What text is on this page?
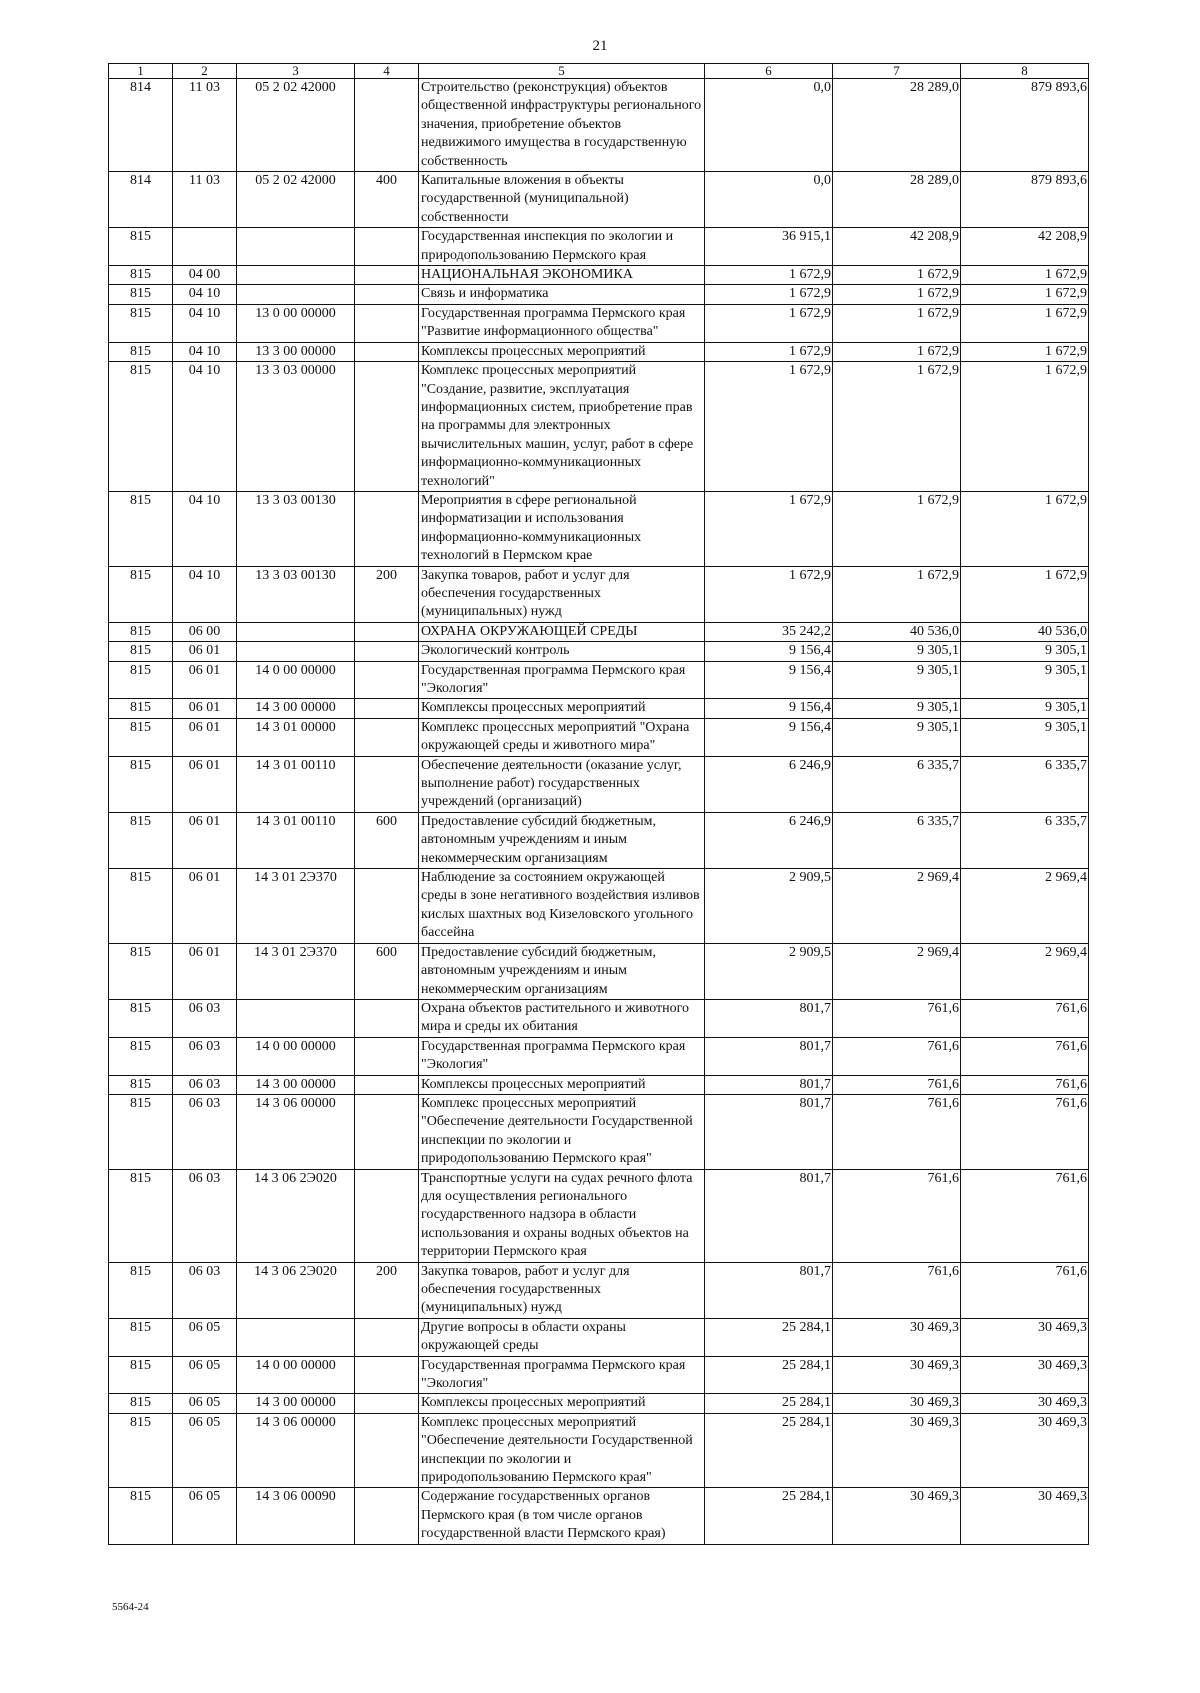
21
1	2	3	4	5	6	7	8
814	11 03	05 2 02 42000		Строительство (реконструкция) объектов общественной инфраструктуры регионального значения, приобретение объектов недвижимого имущества в государственную собственность	0,0	28 289,0	879 893,6
814	11 03	05 2 02 42000	400	Капитальные вложения в объекты государственной (муниципальной) собственности	0,0	28 289,0	879 893,6
815				Государственная инспекция по экологии и природопользованию Пермского края	36 915,1	42 208,9	42 208,9
815	04 00			НАЦИОНАЛЬНАЯ ЭКОНОМИКА	1 672,9	1 672,9	1 672,9
815	04 10			Связь и информатика	1 672,9	1 672,9	1 672,9
815	04 10	13 0 00 00000		Государственная программа Пермского края "Развитие информационного общества"	1 672,9	1 672,9	1 672,9
815	04 10	13 3 00 00000		Комплексы процессных мероприятий	1 672,9	1 672,9	1 672,9
815	04 10	13 3 03 00000		Комплекс процессных мероприятий "Создание, развитие, эксплуатация информационных систем, приобретение прав на программы для электронных вычислительных машин, услуг, работ в сфере информационно-коммуникационных технологий"	1 672,9	1 672,9	1 672,9
815	04 10	13 3 03 00130		Мероприятия в сфере региональной информатизации и использования информационно-коммуникационных технологий в Пермском крае	1 672,9	1 672,9	1 672,9
815	04 10	13 3 03 00130	200	Закупка товаров, работ и услуг для обеспечения государственных (муниципальных) нужд	1 672,9	1 672,9	1 672,9
815	06 00			ОХРАНА ОКРУЖАЮЩЕЙ СРЕДЫ	35 242,2	40 536,0	40 536,0
815	06 01			Экологический контроль	9 156,4	9 305,1	9 305,1
815	06 01	14 0 00 00000		Государственная программа Пермского края "Экология"	9 156,4	9 305,1	9 305,1
815	06 01	14 3 00 00000		Комплексы процессных мероприятий	9 156,4	9 305,1	9 305,1
815	06 01	14 3 01 00000		Комплекс процессных мероприятий "Охрана окружающей среды и животного мира"	9 156,4	9 305,1	9 305,1
815	06 01	14 3 01 00110		Обеспечение деятельности (оказание услуг, выполнение работ) государственных учреждений (организаций)	6 246,9	6 335,7	6 335,7
815	06 01	14 3 01 00110	600	Предоставление субсидий бюджетным, автономным учреждениям и иным некоммерческим организациям	6 246,9	6 335,7	6 335,7
815	06 01	14 3 01 2Э370		Наблюдение за состоянием окружающей среды в зоне негативного воздействия изливов кислых шахтных вод Кизеловского угольного бассейна	2 909,5	2 969,4	2 969,4
815	06 01	14 3 01 2Э370	600	Предоставление субсидий бюджетным, автономным учреждениям и иным некоммерческим организациям	2 909,5	2 969,4	2 969,4
815	06 03			Охрана объектов растительного и животного мира и среды их обитания	801,7	761,6	761,6
815	06 03	14 0 00 00000		Государственная программа Пермского края "Экология"	801,7	761,6	761,6
815	06 03	14 3 00 00000		Комплексы процессных мероприятий	801,7	761,6	761,6
815	06 03	14 3 06 00000		Комплекс процессных мероприятий "Обеспечение деятельности Государственной инспекции по экологии и природопользованию Пермского края"	801,7	761,6	761,6
815	06 03	14 3 06 2Э020		Транспортные услуги на судах речного флота для осуществления регионального государственного надзора в области использования и охраны водных объектов на территории Пермского края	801,7	761,6	761,6
815	06 03	14 3 06 2Э020	200	Закупка товаров, работ и услуг для обеспечения государственных (муниципальных) нужд	801,7	761,6	761,6
815	06 05			Другие вопросы в области охраны окружающей среды	25 284,1	30 469,3	30 469,3
815	06 05	14 0 00 00000		Государственная программа Пермского края "Экология"	25 284,1	30 469,3	30 469,3
815	06 05	14 3 00 00000		Комплексы процессных мероприятий	25 284,1	30 469,3	30 469,3
815	06 05	14 3 06 00000		Комплекс процессных мероприятий "Обеспечение деятельности Государственной инспекции по экологии и природопользованию Пермского края"	25 284,1	30 469,3	30 469,3
815	06 05	14 3 06 00090		Содержание государственных органов Пермского края (в том числе органов государственной власти Пермского края)	25 284,1	30 469,3	30 469,3
5564-24
